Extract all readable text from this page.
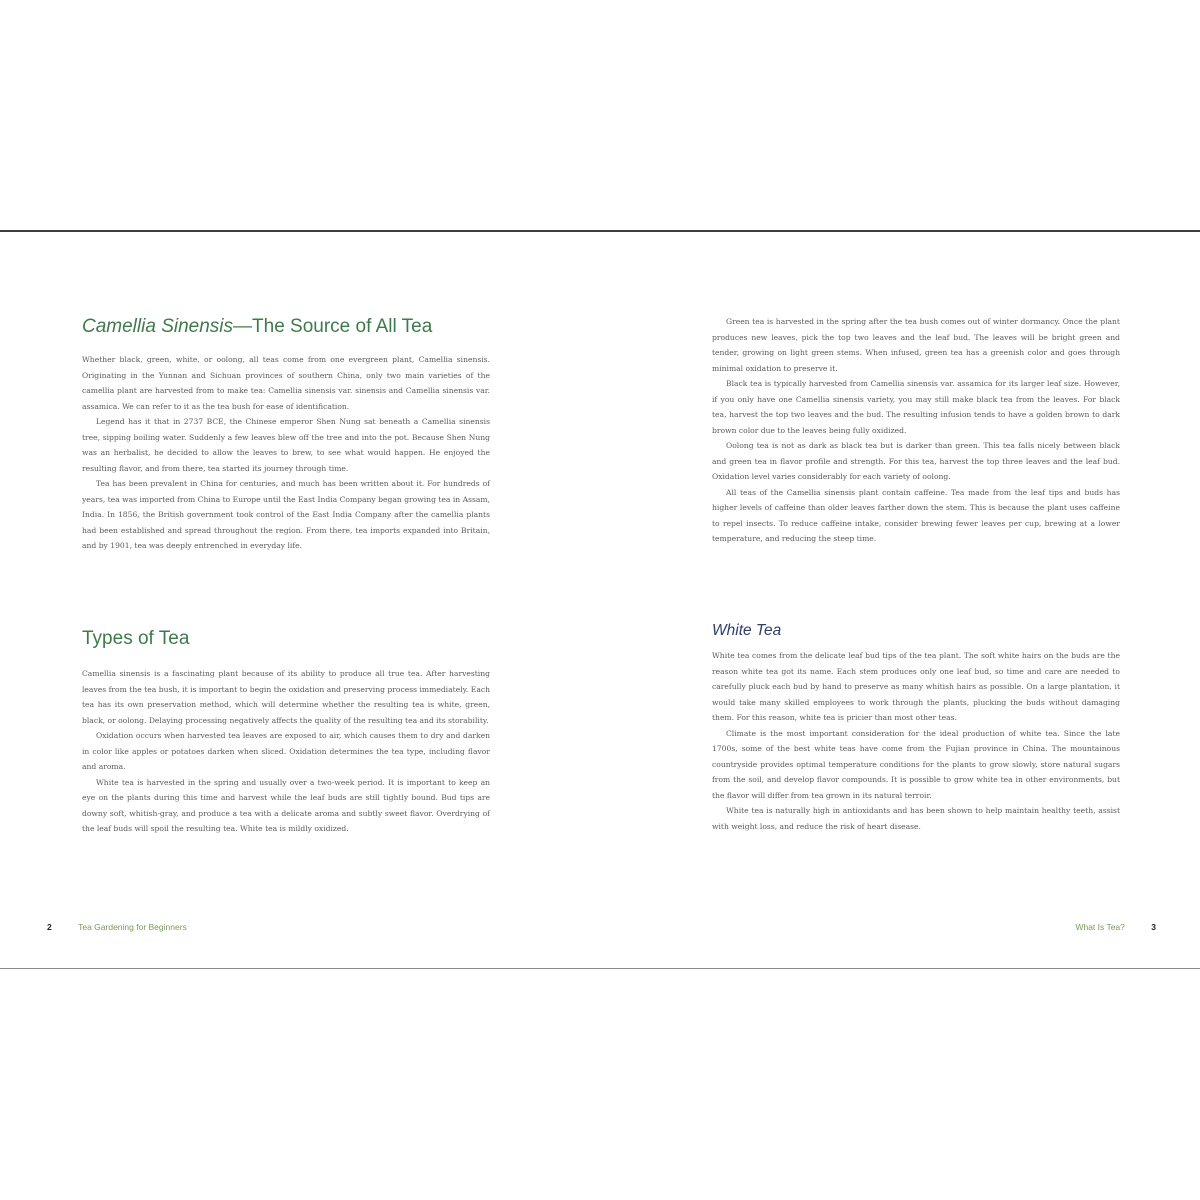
Camellia Sinensis—The Source of All Tea

Whether black, green, white, or oolong, all teas come from one evergreen plant, Camellia sinensis. Originating in the Yunnan and Sichuan provinces of southern China, only two main varieties of the camellia plant are harvested from to make tea: Camellia sinensis var. sinensis and Camellia sinensis var. assamica. We can refer to it as the tea bush for ease of identification.

Legend has it that in 2737 BCE, the Chinese emperor Shen Nung sat beneath a Camellia sinensis tree, sipping boiling water. Suddenly a few leaves blew off the tree and into the pot. Because Shen Nung was an herbalist, he decided to allow the leaves to brew, to see what would happen. He enjoyed the resulting flavor, and from there, tea started its journey through time.

Tea has been prevalent in China for centuries, and much has been written about it. For hundreds of years, tea was imported from China to Europe until the East India Company began growing tea in Assam, India. In 1856, the British government took control of the East India Company after the camellia plants had been established and spread throughout the region. From there, tea imports expanded into Britain, and by 1901, tea was deeply entrenched in everyday life.

Types of Tea

Camellia sinensis is a fascinating plant because of its ability to produce all true tea. After harvesting leaves from the tea bush, it is important to begin the oxidation and preserving process immediately. Each tea has its own preservation method, which will determine whether the resulting tea is white, green, black, or oolong. Delaying processing negatively affects the quality of the resulting tea and its storability.

Oxidation occurs when harvested tea leaves are exposed to air, which causes them to dry and darken in color like apples or potatoes darken when sliced. Oxidation determines the tea type, including flavor and aroma.

White tea is harvested in the spring and usually over a two-week period. It is important to keep an eye on the plants during this time and harvest while the leaf buds are still tightly bound. Bud tips are downy soft, whitish-gray, and produce a tea with a delicate aroma and subtly sweet flavor. Overdrying of the leaf buds will spoil the resulting tea. White tea is mildly oxidized.

2	Tea Gardening for Beginners

Green tea is harvested in the spring after the tea bush comes out of winter dormancy. Once the plant produces new leaves, pick the top two leaves and the leaf bud. The leaves will be bright green and tender, growing on light green stems. When infused, green tea has a greenish color and goes through minimal oxidation to preserve it.

Black tea is typically harvested from Camellia sinensis var. assamica for its larger leaf size. However, if you only have one Camellia sinensis variety, you may still make black tea from the leaves. For black tea, harvest the top two leaves and the bud. The resulting infusion tends to have a golden brown to dark brown color due to the leaves being fully oxidized.

Oolong tea is not as dark as black tea but is darker than green. This tea falls nicely between black and green tea in flavor profile and strength. For this tea, harvest the top three leaves and the leaf bud. Oxidation level varies considerably for each variety of oolong.

All teas of the Camellia sinensis plant contain caffeine. Tea made from the leaf tips and buds has higher levels of caffeine than older leaves farther down the stem. This is because the plant uses caffeine to repel insects. To reduce caffeine intake, consider brewing fewer leaves per cup, brewing at a lower temperature, and reducing the steep time.

White Tea

White tea comes from the delicate leaf bud tips of the tea plant. The soft white hairs on the buds are the reason white tea got its name. Each stem produces only one leaf bud, so time and care are needed to carefully pluck each bud by hand to preserve as many whitish hairs as possible. On a large plantation, it would take many skilled employees to work through the plants, plucking the buds without damaging them. For this reason, white tea is pricier than most other teas.

Climate is the most important consideration for the ideal production of white tea. Since the late 1700s, some of the best white teas have come from the Fujian province in China. The mountainous countryside provides optimal temperature conditions for the plants to grow slowly, store natural sugars from the soil, and develop flavor compounds. It is possible to grow white tea in other environments, but the flavor will differ from tea grown in its natural terroir.

White tea is naturally high in antioxidants and has been shown to help maintain healthy teeth, assist with weight loss, and reduce the risk of heart disease.

What Is Tea?	3
